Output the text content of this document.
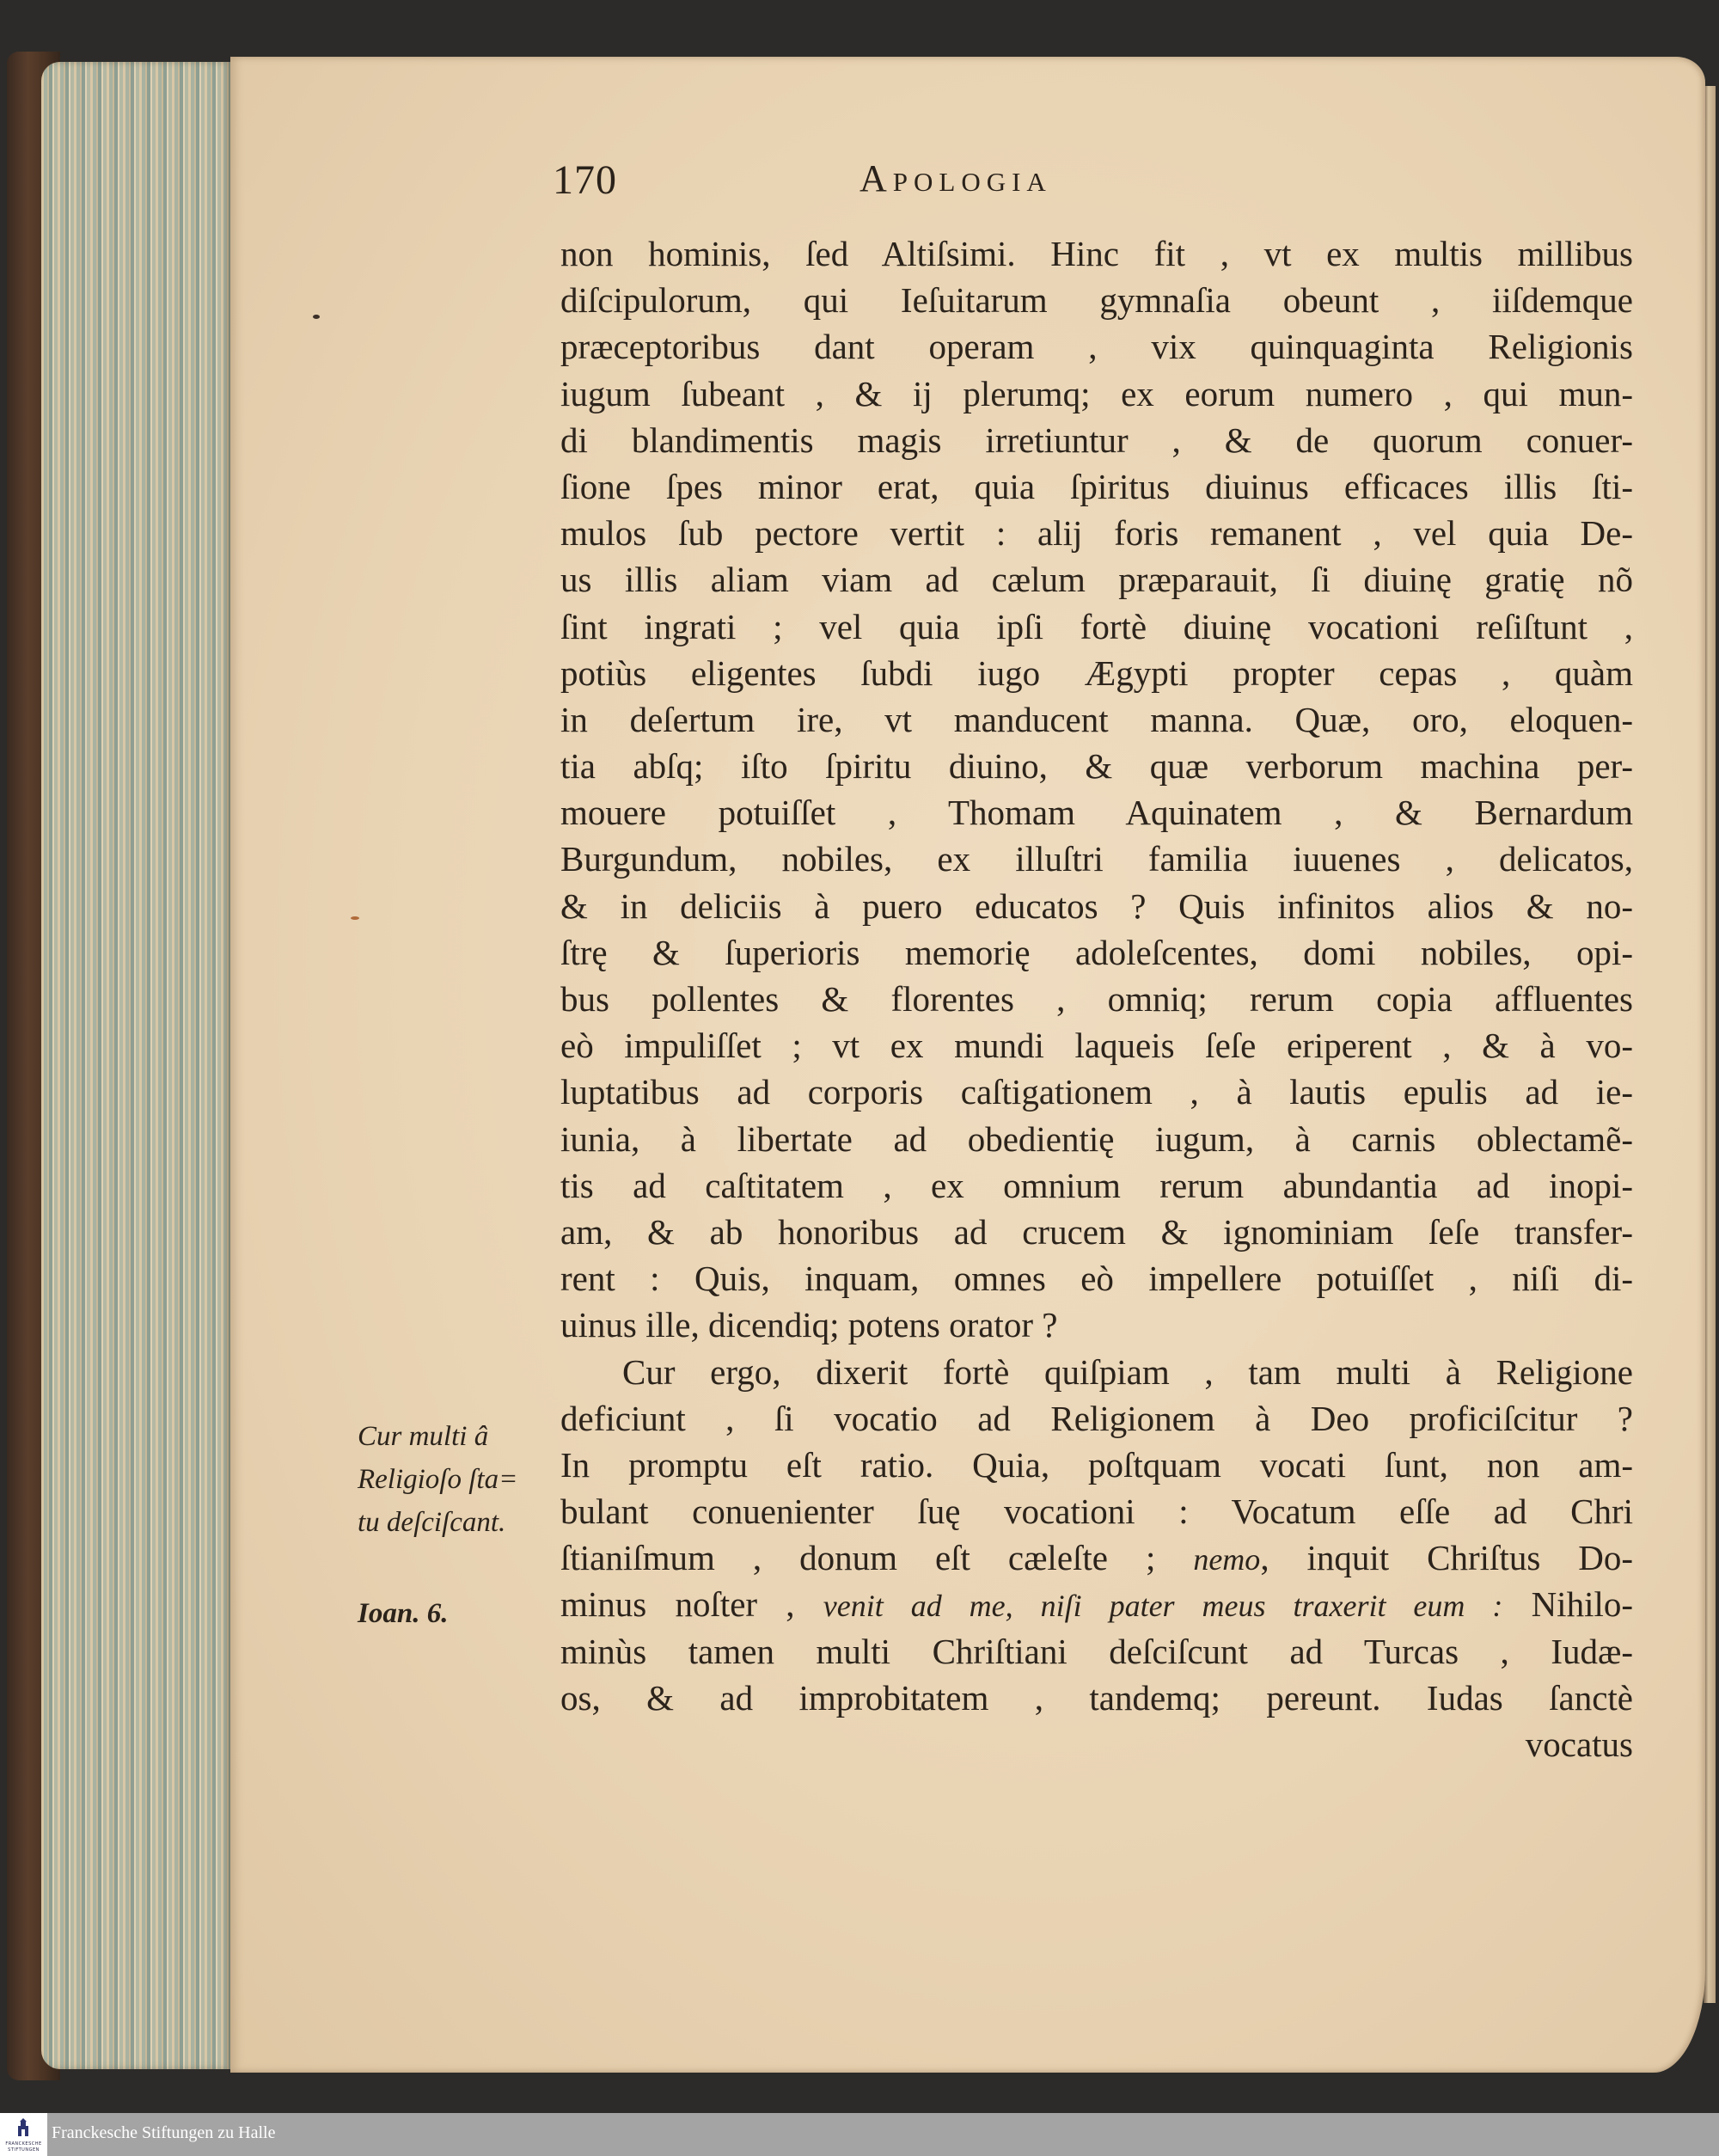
170	Apologia
non hominis, ſed Altiſsimi. Hinc fit , vt ex multis millibus
diſcipulorum, qui Ieſuitarum gymnaſia obeunt , iiſdemque
præceptoribus dant operam , vix quinquaginta Religionis
iugum ſubeant , & ij plerumq; ex eorum numero , qui mun-
di blandimentis magis irretiuntur , & de quorum conuer-
ſione ſpes minor erat, quia ſpiritus diuinus efficaces illis ſti-
mulos ſub pectore vertit : alij foris remanent , vel quia De-
us illis aliam viam ad cælum præparauit, ſi diuinę gratię nõ
ſint ingrati ; vel quia ipſi fortè diuinę vocationi reſiſtunt ,
potiùs eligentes ſubdi iugo Ægypti propter cepas , quàm
in deſertum ire, vt manducent manna. Quæ, oro, eloquen-
tia abſq; iſto ſpiritu diuino, & quæ verborum machina per-
mouere potuiſſet , Thomam Aquinatem , & Bernardum
Burgundum, nobiles, ex illuſtri familia iuuenes , delicatos,
& in deliciis à puero educatos ? Quis infinitos alios & no-
ſtrę & ſuperioris memorię adoleſcentes, domi nobiles, opi-
bus pollentes & florentes , omniq; rerum copia affluentes
eò impuliſſet ; vt ex mundi laqueis ſeſe eriperent , & à vo-
luptatibus ad corporis caſtigationem , à lautis epulis ad ie-
iunia, à libertate ad obedientię iugum, à carnis oblectamẽ-
tis ad caſtitatem , ex omnium rerum abundantia ad inopi-
am, & ab honoribus ad crucem & ignominiam ſeſe transfer-
rent : Quis, inquam, omnes eò impellere potuiſſet , niſi di-
uinus ille, dicendiq; potens orator ?
Cur ergo, dixerit fortè quiſpiam , tam multi à Religione
deficiunt , ſi vocatio ad Religionem à Deo proficiſcitur ?
In promptu eſt ratio. Quia, poſtquam vocati ſunt, non am-
bulant conuenienter ſuę vocationi : Vocatum eſſe ad Chri
ſtianiſmum , donum eſt cæleſte ; nemo, inquit Chriſtus Do-
minus noſter , venit ad me, niſi pater meus traxerit eum : Nihilo-
minùs tamen multi Chriſtiani deſciſcunt ad Turcas , Iudæ-
os, & ad improbitatem , tandemq; pereunt. Iudas ſanctè
vocatus
Cur multi â
Religioſo ſta=
tu deſciſcant.
Ioan. 6.
FRANCKESCHE
STIFTUNGEN
Franckesche Stiftungen zu Halle
